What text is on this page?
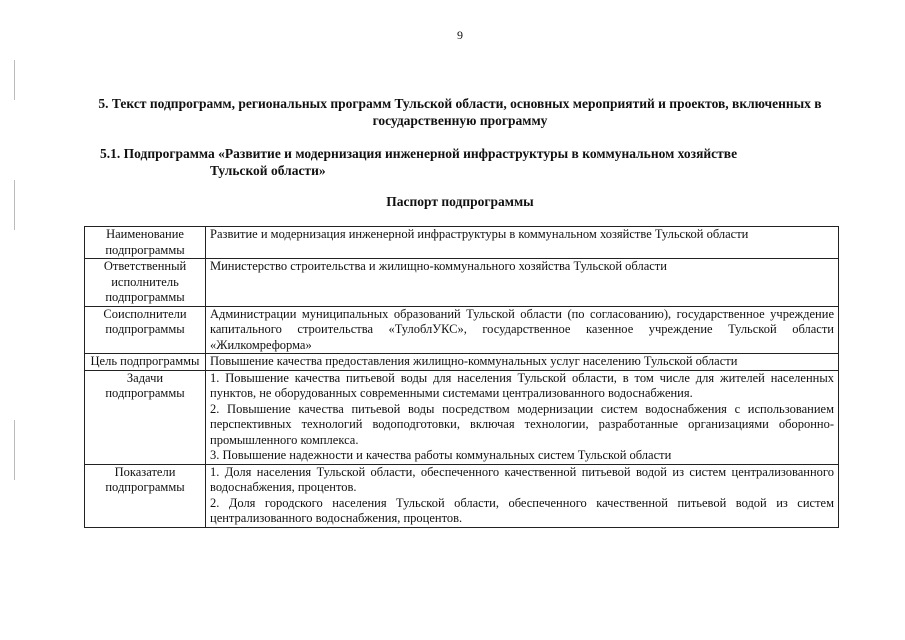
9
5. Текст подпрограмм, региональных программ Тульской области, основных мероприятий и проектов, включенных в государственную программу
5.1. Подпрограмма «Развитие и модернизация инженерной инфраструктуры в коммунальном хозяйстве
Тульской области»
Паспорт подпрограммы
Наименование подпрограммы	Развитие и модернизация инженерной инфраструктуры в коммунальном хозяйстве Тульской области

Ответственный исполнитель подпрограммы	Министерство строительства и жилищно-коммунального хозяйства Тульской области

Соисполнители подпрограммы	Администрации муниципальных образований Тульской области (по согласованию), государственное учреждение капитального строительства «ТулоблУКС», государственное казенное учреждение Тульской области «Жилкомреформа»

Цель подпрограммы	Повышение качества предоставления жилищно-коммунальных услуг населению Тульской области

Задачи подпрограммы	1. Повышение качества питьевой воды для населения Тульской области, в том числе для жителей населенных пунктов, не оборудованных современными системами централизованного водоснабжения.
2. Повышение качества питьевой воды посредством модернизации систем водоснабжения с использованием перспективных технологий водоподготовки, включая технологии, разработанные организациями оборонно-промышленного комплекса.
3. Повышение надежности и качества работы коммунальных систем Тульской области

Показатели подпрограммы	1. Доля населения Тульской области, обеспеченного качественной питьевой водой из систем централизованного водоснабжения, процентов.
2. Доля городского населения Тульской области, обеспеченного качественной питьевой водой из систем централизованного водоснабжения, процентов.
